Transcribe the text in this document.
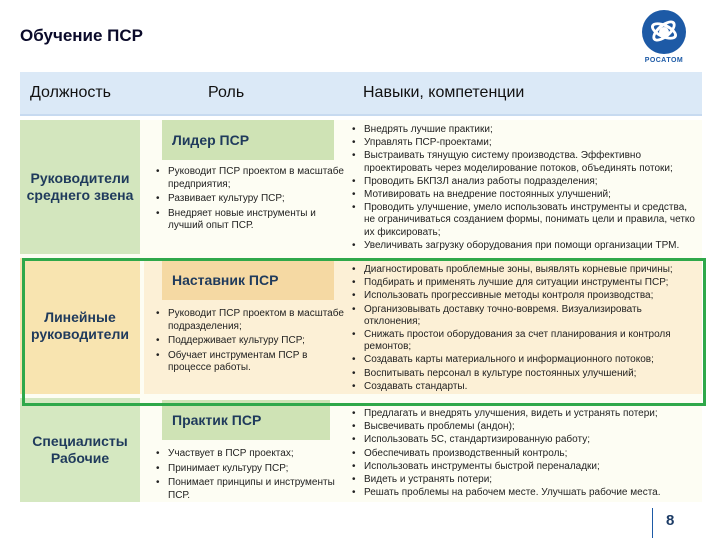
Обучение ПСР
РОСАТОМ
Должность	Роль	Навыки, компетенции
Руководители среднего звена
Лидер ПСР
• Руководит ПСР проектом в масштабе предприятия;
• Развивает культуру ПСР;
• Внедряет новые инструменты и лучший опыт ПСР.
• Внедрять лучшие практики;
• Управлять ПСР-проектами;
• Выстраивать тянущую систему производства. Эффективно проектировать через моделирование потоков, объединять потоки;
• Проводить БКПЗЛ анализ работы подразделения;
• Мотивировать на внедрение постоянных улучшений;
• Проводить улучшение, умело использовать инструменты и средства, не ограничиваться созданием формы, понимать цели и правила, четко их фиксировать;
• Увеличивать загрузку оборудования при помощи организации ТРМ.
Линейные руководители
Наставник ПСР
• Руководит ПСР проектом в масштабе подразделения;
• Поддерживает культуру ПСР;
• Обучает инструментам ПСР в процессе работы.
• Диагностировать проблемные зоны, выявлять корневые причины;
• Подбирать и применять лучшие для ситуации инструменты ПСР;
• Использовать прогрессивные методы контроля производства;
• Организовывать доставку точно-вовремя. Визуализировать отклонения;
• Снижать простои оборудования за счет планирования и контроля ремонтов;
• Создавать карты материального и информационного потоков;
• Воспитывать персонал в культуре постоянных улучшений;
• Создавать стандарты.
Специалисты Рабочие
Практик ПСР
• Участвует в ПСР проектах;
• Принимает культуру ПСР;
• Понимает принципы и инструменты ПСР.
• Предлагать и внедрять улучшения, видеть и устранять потери;
• Высвечивать проблемы (андон);
• Использовать 5С, стандартизированную работу;
• Обеспечивать производственный контроль;
• Использовать инструменты быстрой переналадки;
• Видеть и устранять потери;
• Решать проблемы на рабочем месте. Улучшать рабочие места.
8
